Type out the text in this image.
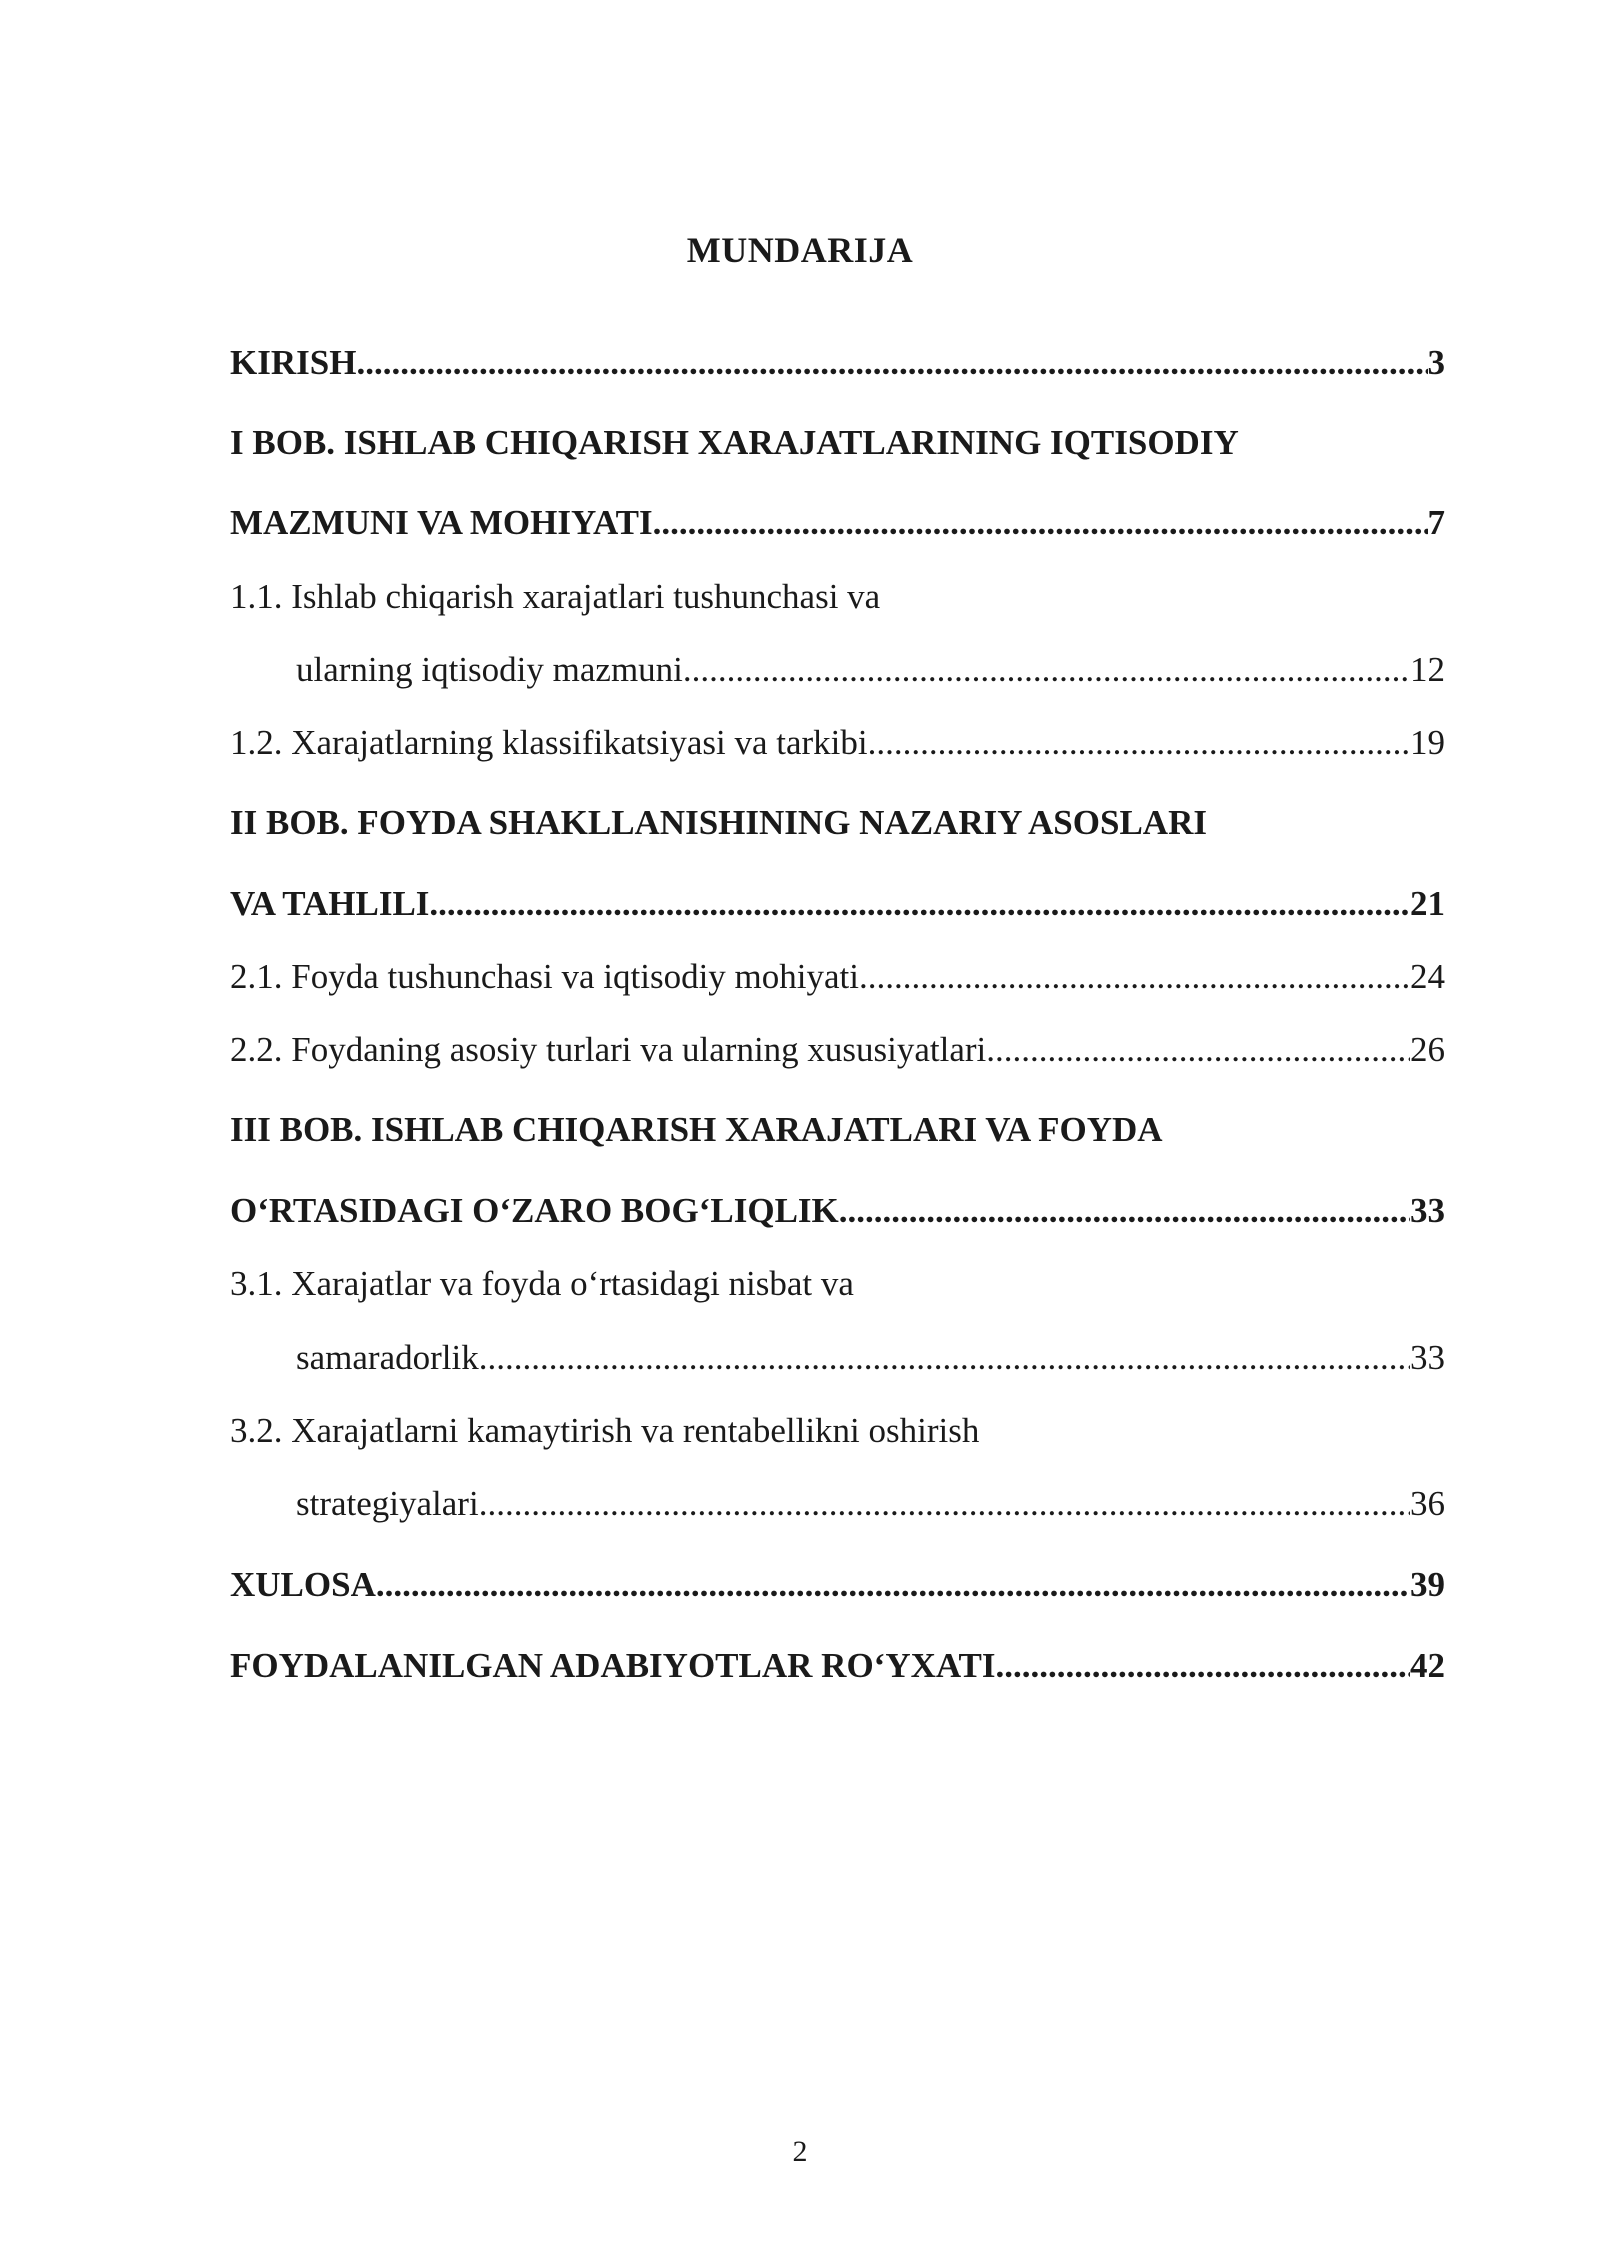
MUNDARIJA
KIRISH .....	3
I BOB. ISHLAB CHIQARISH XARAJATLARINING IQTISODIY
MAZMUNI VA MOHIYATI .....	7
1.1. Ishlab chiqarish xarajatlari tushunchasi va
ularning iqtisodiy mazmuni .....	12
1.2. Xarajatlarning klassifikatsiyasi va tarkibi .....	19
II BOB. FOYDA SHAKLLANISHINING NAZARIY ASOSLARI
VA TAHLILI .....	21
2.1. Foyda tushunchasi va iqtisodiy mohiyati .....	24
2.2. Foydaning asosiy turlari va ularning xususiyatlari .....	26
III BOB. ISHLAB CHIQARISH XARAJATLARI VA FOYDA
O‘RTASIDAGI O‘ZARO BOG‘LIQLIK .....	33
3.1. Xarajatlar va foyda o‘rtasidagi nisbat va
samaradorlik .....	33
3.2. Xarajatlarni kamaytirish va rentabellikni oshirish
strategiyalari .....	36
XULOSA .....	39
FOYDALANILGAN ADABIYOTLAR RO‘YXATI .....	42
2
